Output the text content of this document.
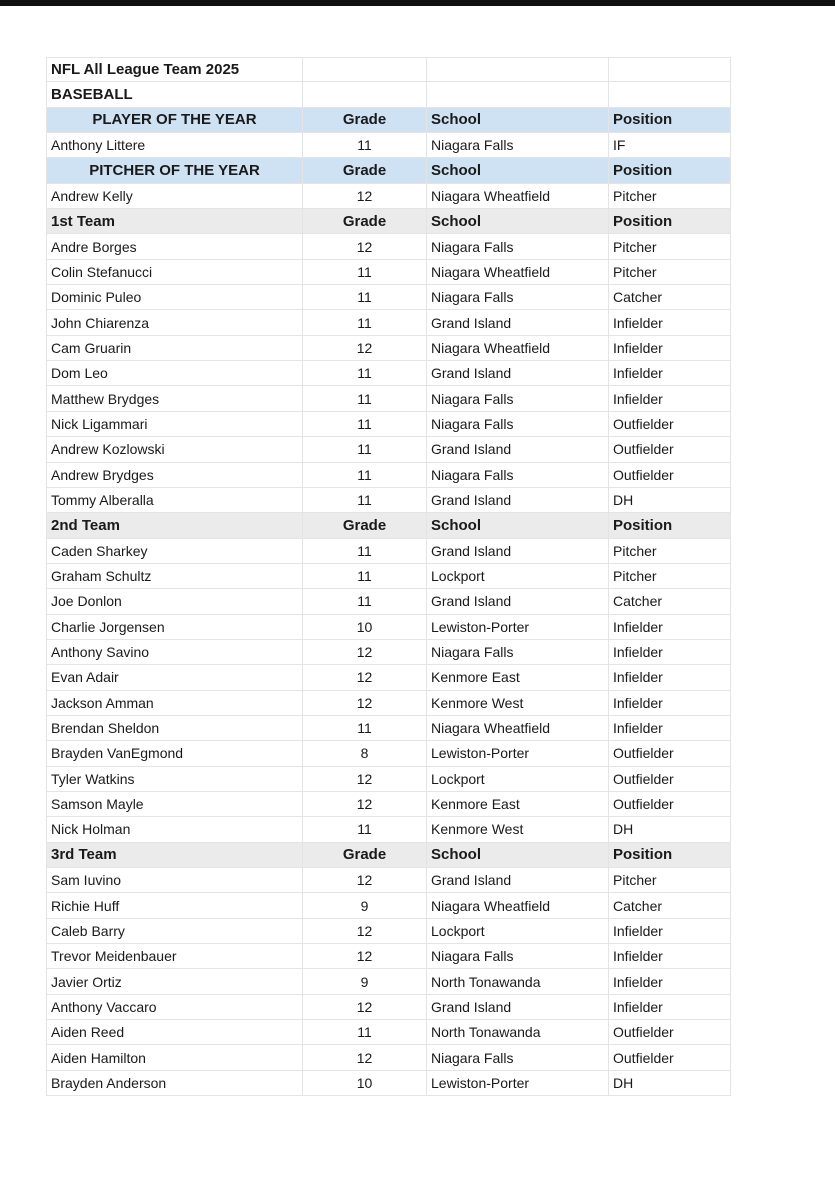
NFL All League Team 2025
BASEBALL
PLAYER OF THE YEAR	Grade	School	Position
Anthony Littere	11	Niagara Falls	IF
PITCHER OF THE YEAR	Grade	School	Position
Andrew Kelly	12	Niagara Wheatfield	Pitcher
1st Team	Grade	School	Position
Andre Borges	12	Niagara Falls	Pitcher
Colin Stefanucci	11	Niagara Wheatfield	Pitcher
Dominic Puleo	11	Niagara Falls	Catcher
John Chiarenza	11	Grand Island	Infielder
Cam Gruarin	12	Niagara Wheatfield	Infielder
Dom Leo	11	Grand Island	Infielder
Matthew Brydges	11	Niagara Falls	Infielder
Nick Ligammari	11	Niagara Falls	Outfielder
Andrew Kozlowski	11	Grand Island	Outfielder
Andrew Brydges	11	Niagara Falls	Outfielder
Tommy Alberalla	11	Grand Island	DH
2nd Team	Grade	School	Position
Caden Sharkey	11	Grand Island	Pitcher
Graham Schultz	11	Lockport	Pitcher
Joe Donlon	11	Grand Island	Catcher
Charlie Jorgensen	10	Lewiston-Porter	Infielder
Anthony Savino	12	Niagara Falls	Infielder
Evan Adair	12	Kenmore East	Infielder
Jackson Amman	12	Kenmore West	Infielder
Brendan Sheldon	11	Niagara Wheatfield	Infielder
Brayden VanEgmond	8	Lewiston-Porter	Outfielder
Tyler Watkins	12	Lockport	Outfielder
Samson Mayle	12	Kenmore East	Outfielder
Nick Holman	11	Kenmore West	DH
3rd Team	Grade	School	Position
Sam Iuvino	12	Grand Island	Pitcher
Richie Huff	9	Niagara Wheatfield	Catcher
Caleb Barry	12	Lockport	Infielder
Trevor Meidenbauer	12	Niagara Falls	Infielder
Javier Ortiz	9	North Tonawanda	Infielder
Anthony Vaccaro	12	Grand Island	Infielder
Aiden Reed	11	North Tonawanda	Outfielder
Aiden Hamilton	12	Niagara Falls	Outfielder
Brayden Anderson	10	Lewiston-Porter	DH
